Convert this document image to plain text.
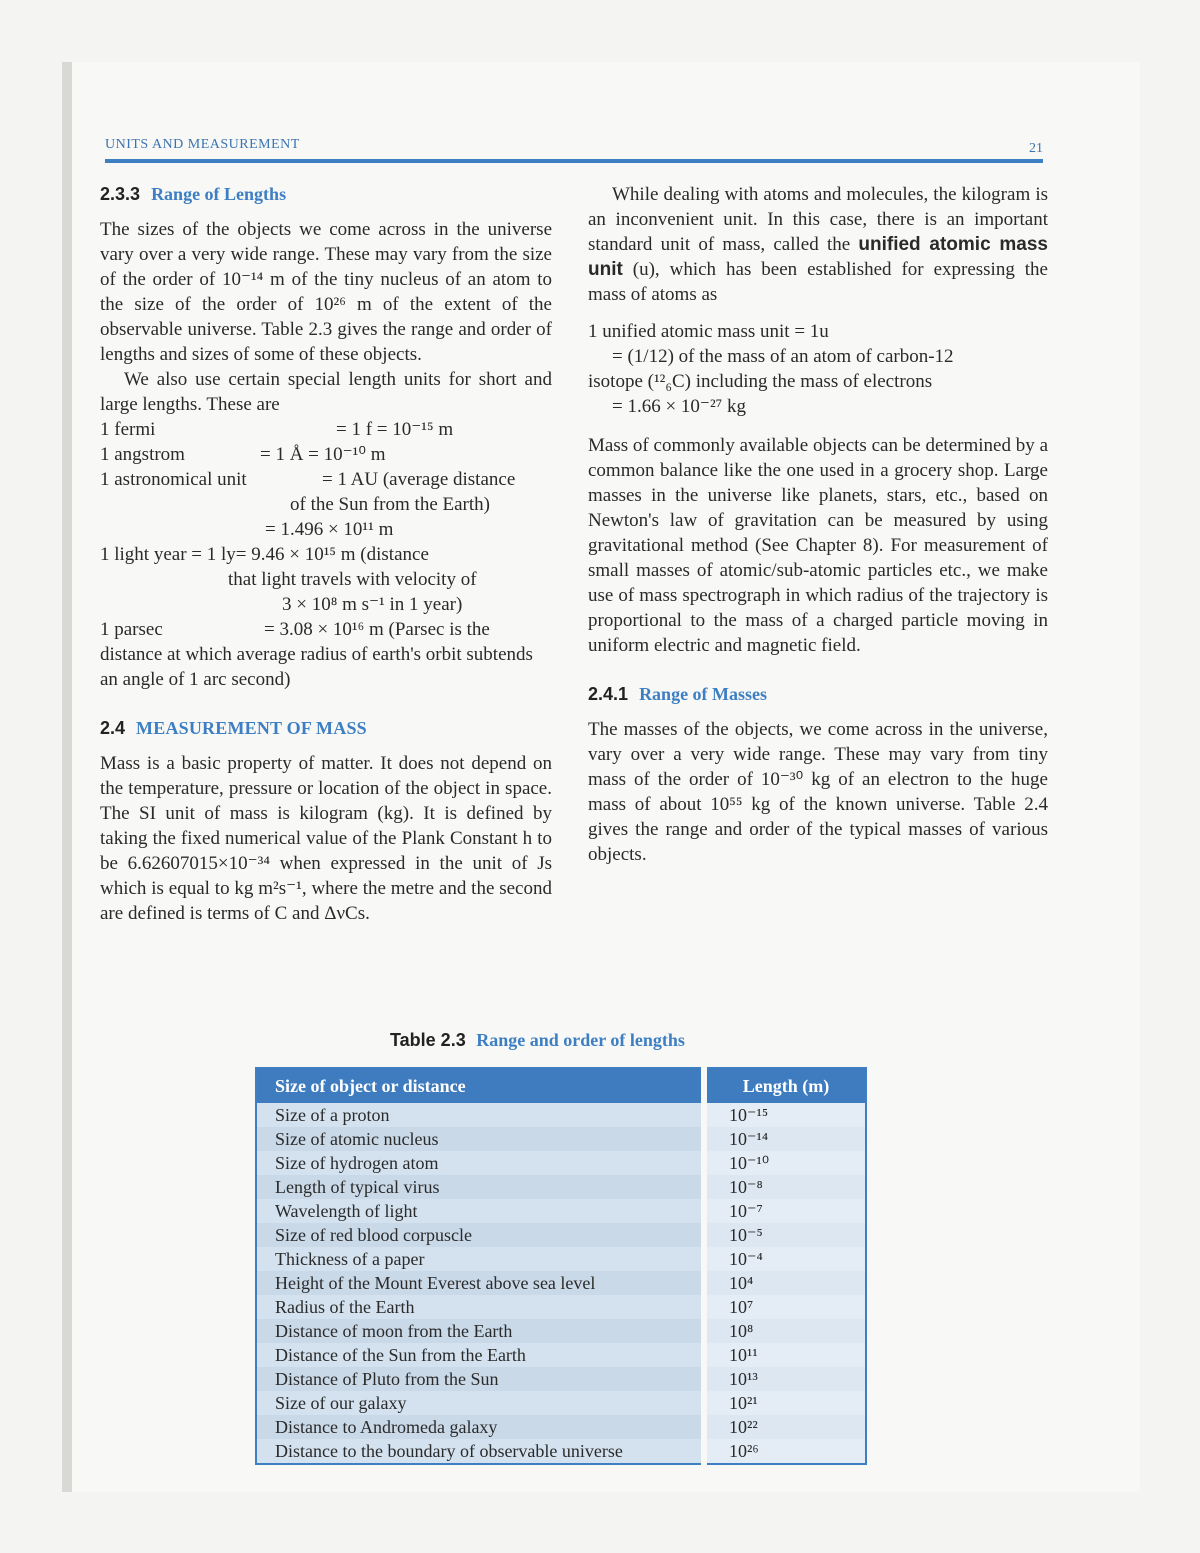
UNITS AND MEASUREMENT	21
2.3.3 Range of Lengths

The sizes of the objects we come across in the universe vary over a very wide range. These may vary from the size of the order of 10⁻¹⁴ m of the tiny nucleus of an atom to the size of the order of 10²⁶ m of the extent of the observable universe. Table 2.3 gives the range and order of lengths and sizes of some of these objects.

We also use certain special length units for short and large lengths. These are

1 fermi	= 1 f = 10⁻¹⁵ m
1 angstrom	= 1 Å = 10⁻¹⁰ m
1 astronomical unit	= 1 AU (average distance
of the Sun from the Earth)
= 1.496 × 10¹¹ m
1 light year = 1 ly= 9.46 × 10¹⁵ m (distance
that light travels with velocity of
3 × 10⁸ m s⁻¹ in 1 year)
1 parsec	= 3.08 × 10¹⁶ m (Parsec is the

distance at which average radius of earth's orbit subtends an angle of 1 arc second)

2.4 MEASUREMENT OF MASS

Mass is a basic property of matter. It does not depend on the temperature, pressure or location of the object in space. The SI unit of mass is kilogram (kg). It is defined by taking the fixed numerical value of the Plank Constant h to be 6.62607015×10⁻³⁴ when expressed in the unit of Js which is equal to kg m²s⁻¹, where the metre and the second are defined is terms of C and ΔνCs.

While dealing with atoms and molecules, the kilogram is an inconvenient unit. In this case, there is an important standard unit of mass, called the unified atomic mass unit (u), which has been established for expressing the mass of atoms as

1 unified atomic mass unit = 1u
= (1/12) of the mass of an atom of carbon-12
isotope (¹²₆C) including the mass of electrons
= 1.66 × 10⁻²⁷ kg

Mass of commonly available objects can be determined by a common balance like the one used in a grocery shop. Large masses in the universe like planets, stars, etc., based on Newton's law of gravitation can be measured by using gravitational method (See Chapter 8). For measurement of small masses of atomic/sub-atomic particles etc., we make use of mass spectrograph in which radius of the trajectory is proportional to the mass of a charged particle moving in uniform electric and magnetic field.

2.4.1 Range of Masses

The masses of the objects, we come across in the universe, vary over a very wide range. These may vary from tiny mass of the order of 10⁻³⁰ kg of an electron to the huge mass of about 10⁵⁵ kg of the known universe. Table 2.4 gives the range and order of the typical masses of various objects.

Table 2.3 Range and order of lengths
Size of object or distance	Length (m)
Size of a proton	10⁻¹⁵
Size of atomic nucleus	10⁻¹⁴
Size of hydrogen atom	10⁻¹⁰
Length of typical virus	10⁻⁸
Wavelength of light	10⁻⁷
Size of red blood corpuscle	10⁻⁵
Thickness of a paper	10⁻⁴
Height of the Mount Everest above sea level	10⁴
Radius of the Earth	10⁷
Distance of moon from the Earth	10⁸
Distance of the Sun from the Earth	10¹¹
Distance of Pluto from the Sun	10¹³
Size of our galaxy	10²¹
Distance to Andromeda galaxy	10²²
Distance to the boundary of observable universe	10²⁶
